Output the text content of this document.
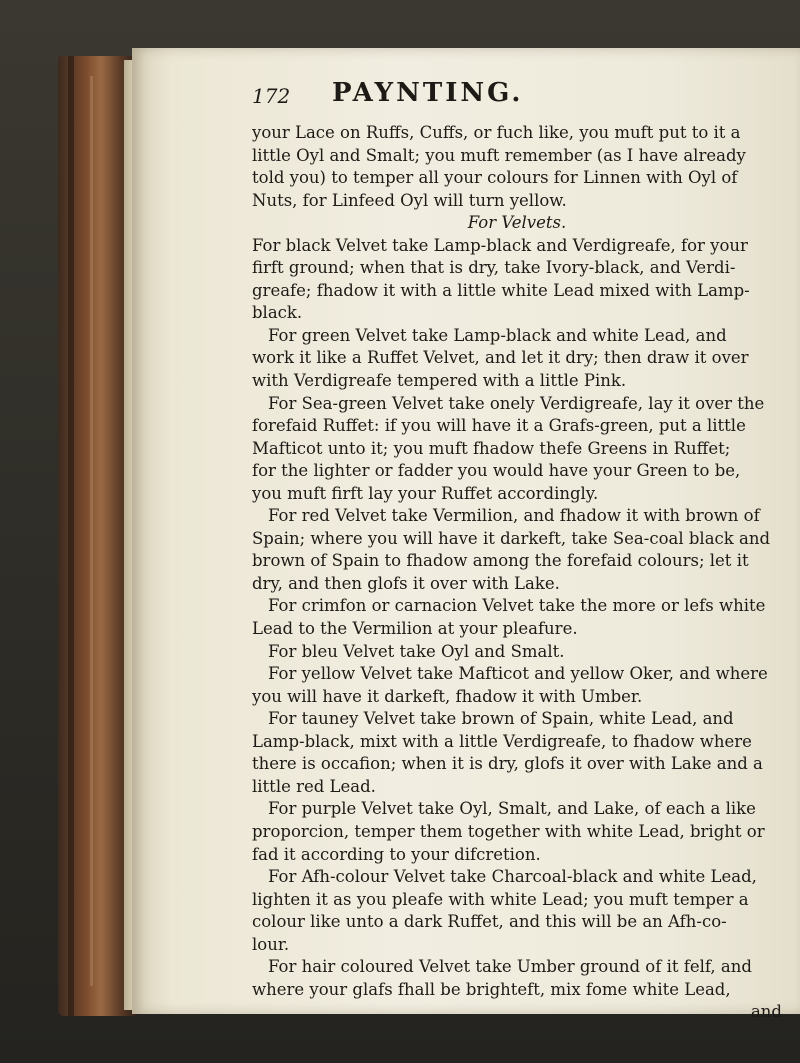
172 PAYNTING.
your Lace on Ruffs, Cuffs, or fuch like, you muft put to it a
little Oyl and Smalt; you muft remember (as I have already
told you) to temper all your colours for Linnen with Oyl of
Nuts, for Linfeed Oyl will turn yellow.
For Velvets.
For black Velvet take Lamp-black and Verdigreafe, for your
firft ground; when that is dry, take Ivory-black, and Verdi-
greafe; fhadow it with a little white Lead mixed with Lamp-
black.
For green Velvet take Lamp-black and white Lead, and
work it like a Ruffet Velvet, and let it dry; then draw it over
with Verdigreafe tempered with a little Pink.
For Sea-green Velvet take onely Verdigreafe, lay it over the
forefaid Ruffet: if you will have it a Grafs-green, put a little
Mafticot unto it; you muft fhadow thefe Greens in Ruffet;
for the lighter or fadder you would have your Green to be,
you muft firft lay your Ruffet accordingly.
For red Velvet take Vermilion, and fhadow it with brown of
Spain; where you will have it darkeft, take Sea-coal black and
brown of Spain to fhadow among the forefaid colours; let it
dry, and then glofs it over with Lake.
For crimfon or carnacion Velvet take the more or lefs white
Lead to the Vermilion at your pleafure.
For bleu Velvet take Oyl and Smalt.
For yellow Velvet take Mafticot and yellow Oker, and where
you will have it darkeft, fhadow it with Umber.
For tauney Velvet take brown of Spain, white Lead, and
Lamp-black, mixt with a little Verdigreafe, to fhadow where
there is occafion; when it is dry, glofs it over with Lake and a
little red Lead.
For purple Velvet take Oyl, Smalt, and Lake, of each a like
proporcion, temper them together with white Lead, bright or
fad it according to your difcretion.
For Afh-colour Velvet take Charcoal-black and white Lead,
lighten it as you pleafe with white Lead; you muft temper a
colour like unto a dark Ruffet, and this will be an Afh-co-
lour.
For hair coloured Velvet take Umber ground of it felf, and
where your glafs fhall be brighteft, mix fome white Lead,
and
